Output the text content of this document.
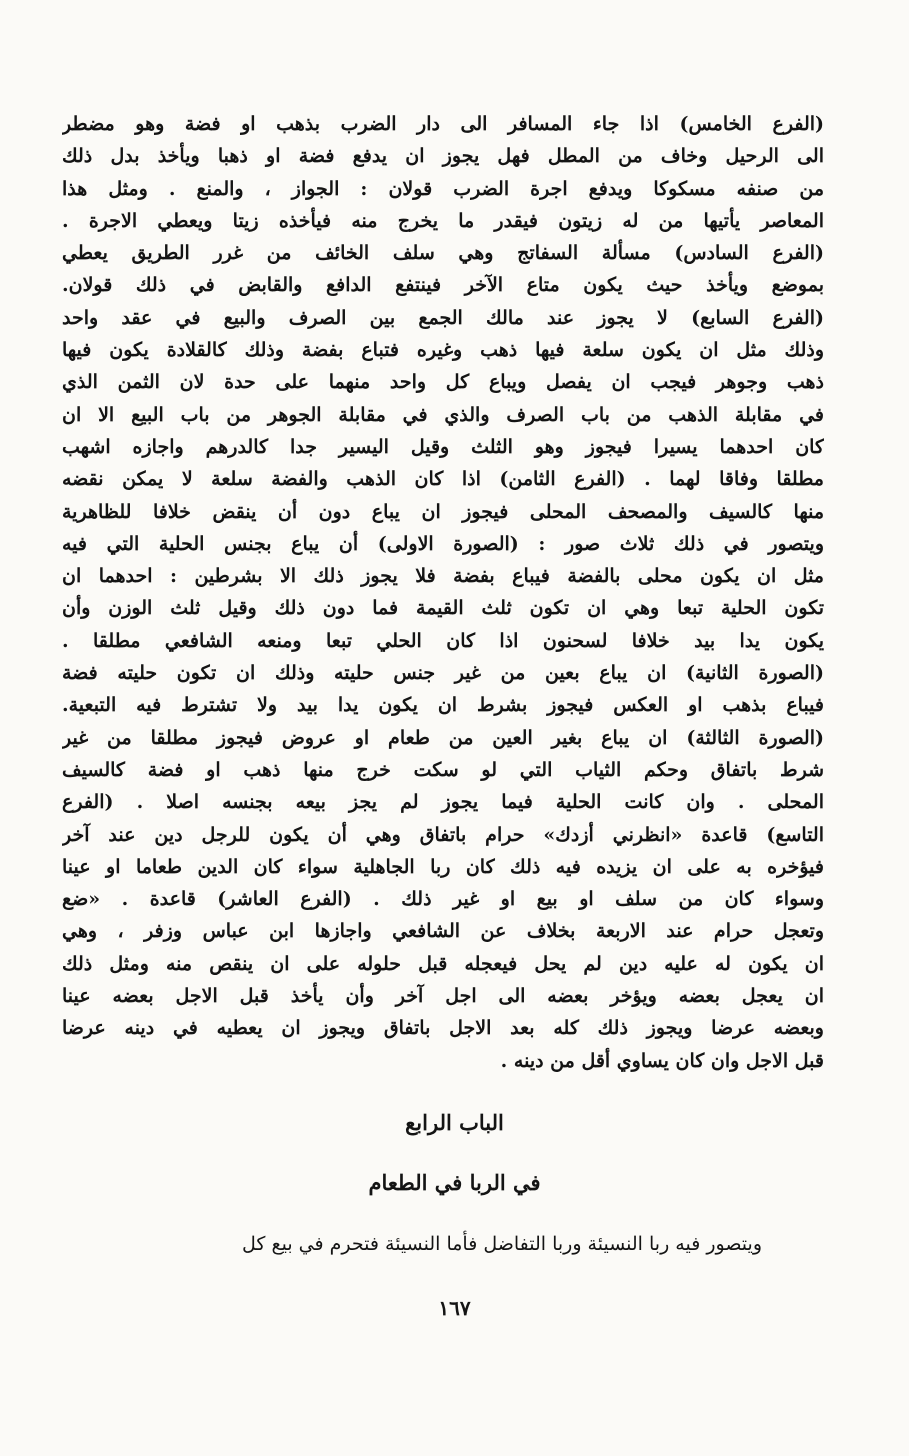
(الفرع الخامس) اذا جاء المسافر الى دار الضرب بذهب او فضة وهو مضطر
الى الرحيل وخاف من المطل فهل يجوز ان يدفع فضة او ذهبا ويأخذ بدل ذلك
من صنفه مسكوكا ويدفع اجرة الضرب قولان : الجواز ، والمنع . ومثل هذا
المعاصر يأتيها من له زيتون فيقدر ما يخرج منه فيأخذه زيتا ويعطي الاجرة .
(الفرع السادس) مسألة السفاتج وهي سلف الخائف من غرر الطريق يعطي
بموضع ويأخذ حيث يكون متاع الآخر فينتفع الدافع والقابض في ذلك قولان.
(الفرع السابع) لا يجوز عند مالك الجمع بين الصرف والبيع في عقد واحد
وذلك مثل ان يكون سلعة فيها ذهب وغيره فتباع بفضة وذلك كالقلادة يكون فيها
ذهب وجوهر فيجب ان يفصل ويباع كل واحد منهما على حدة لان الثمن الذي
في مقابلة الذهب من باب الصرف والذي في مقابلة الجوهر من باب البيع الا ان
كان احدهما يسيرا فيجوز وهو الثلث وقيل اليسير جدا كالدرهم واجازه اشهب
مطلقا وفاقا لهما . (الفرع الثامن) اذا كان الذهب والفضة سلعة لا يمكن نقضه
منها كالسيف والمصحف المحلى فيجوز ان يباع دون أن ينقض خلافا للظاهرية
ويتصور في ذلك ثلاث صور : (الصورة الاولى) أن يباع بجنس الحلية التي فيه
مثل ان يكون محلى بالفضة فيباع بفضة فلا يجوز ذلك الا بشرطين : احدهما ان
تكون الحلية تبعا وهي ان تكون ثلث القيمة فما دون ذلك وقيل ثلث الوزن وأن
يكون يدا بيد خلافا لسحنون اذا كان الحلي تبعا ومنعه الشافعي مطلقا .
(الصورة الثانية) ان يباع بعين من غير جنس حليته وذلك ان تكون حليته فضة
فيباع بذهب او العكس فيجوز بشرط ان يكون يدا بيد ولا تشترط فيه التبعية.
(الصورة الثالثة) ان يباع بغير العين من طعام او عروض فيجوز مطلقا من غير
شرط باتفاق وحكم الثياب التي لو سكت خرج منها ذهب او فضة كالسيف
المحلى . وان كانت الحلية فيما يجوز لم يجز بيعه بجنسه اصلا . (الفرع
التاسع) قاعدة «انظرني أزدك» حرام باتفاق وهي أن يكون للرجل دين عند آخر
فيؤخره به على ان يزيده فيه ذلك كان ربا الجاهلية سواء كان الدين طعاما او عينا
وسواء كان من سلف او بيع او غير ذلك . (الفرع العاشر) قاعدة . «ضع
وتعجل حرام عند الاربعة بخلاف عن الشافعي واجازها ابن عباس وزفر ، وهي
ان يكون له عليه دين لم يحل فيعجله قبل حلوله على ان ينقص منه ومثل ذلك
ان يعجل بعضه ويؤخر بعضه الى اجل آخر وأن يأخذ قبل الاجل بعضه عينا
وبعضه عرضا ويجوز ذلك كله بعد الاجل باتفاق ويجوز ان يعطيه في دينه عرضا
قبل الاجل وان كان يساوي أقل من دينه .
الباب الرابع
في الربا في الطعام
ويتصور فيه ربا النسيئة وربا التفاضل فأما النسيئة فتحرم في بيع كل
١٦٧
